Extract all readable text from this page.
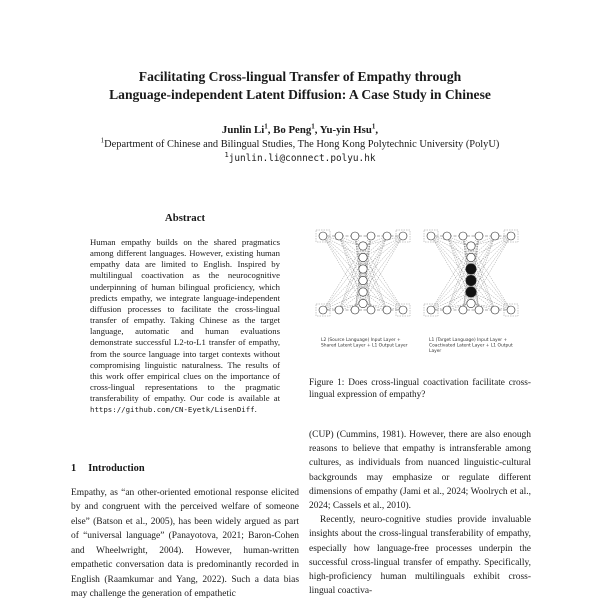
Facilitating Cross-lingual Transfer of Empathy through
Language-independent Latent Diffusion: A Case Study in Chinese
Junlin Li$^1$, Bo Peng$^1$, Yu-yin Hsu$^1$,
$^1$Department of Chinese and Bilingual Studies, The Hong Kong Polytechnic University (PolyU)
$^1$junlin.li@connect.polyu.hk
Abstract
Human empathy builds on the shared pragmatics among different languages. However, existing human empathy data are limited to English. Inspired by multilingual coactivation as the neurocognitive underpinning of human bilingual proficiency, which predicts empathy, we integrate language-independent diffusion processes to facilitate the cross-lingual transfer of empathy. Taking Chinese as the target language, automatic and human evaluations demonstrate successful L2-to-L1 transfer of empathy, from the source language into target contexts without compromising linguistic naturalness. The results of this work offer empirical clues on the importance of cross-lingual representations to the pragmatic transferability of empathy. Our code is available at https://github.com/CN-Eyetk/LisenDiff.
1 Introduction
Empathy, as “an other-oriented emotional response elicited by and congruent with the perceived welfare of someone else” (Batson et al., 2005), has been widely argued as part of “universal language” (Panayotova, 2021; Baron-Cohen and Wheelwright, 2004). However, human-written empathetic conversation data is predominantly recorded in English (Raamkumar and Yang, 2022). Such a data bias may challenge the generation of empathetic
L2 (Source Language) Input Layer + Shared Latent Layer + L1 Output Layer
L1 (Target Language) Input Layer + Coactivated Latent Layer + L1 Output Layer
Figure 1: Does cross-lingual coactivation facilitate cross-lingual expression of empathy?

(CUP) (Cummins, 1981). However, there are also enough reasons to believe that empathy is intransferable among cultures, as individuals from nuanced linguistic-cultural backgrounds may emphasize or regulate different dimensions of empathy (Jami et al., 2024; Woolrych et al., 2024; Cassels et al., 2010).

Recently, neuro-cognitive studies provide invaluable insights about the cross-lingual transferability of empathy, especially how language-free processes underpin the successful cross-lingual transfer of empathy. Specifically, high-proficiency human multilinguals exhibit cross-lingual coactiva-
